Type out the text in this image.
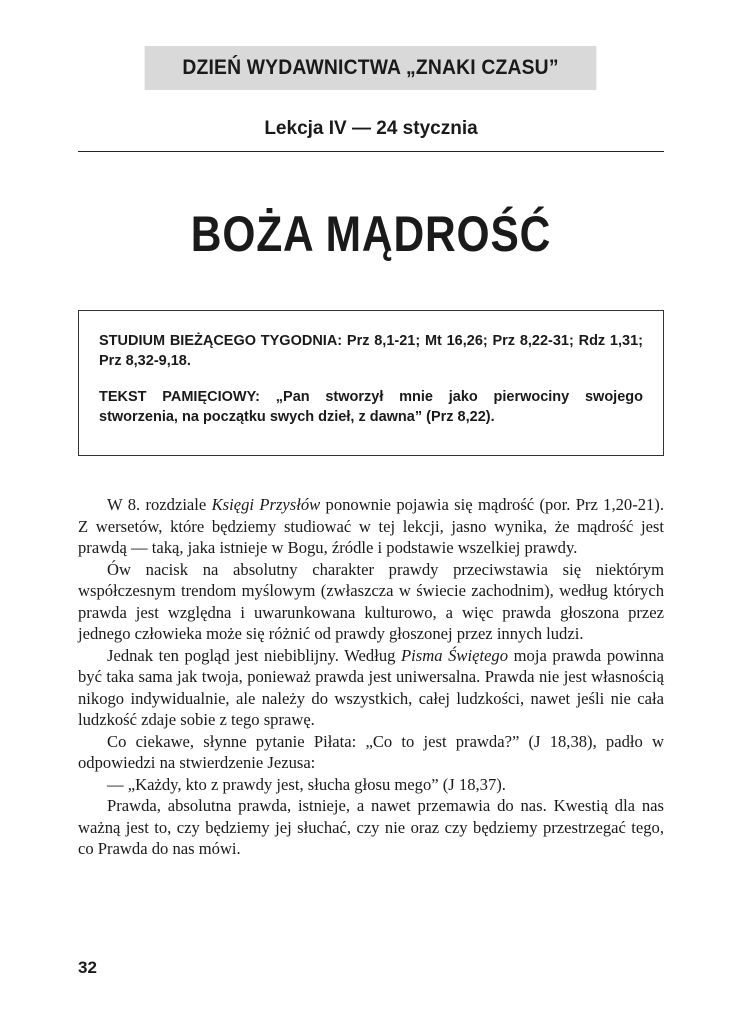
DZIEŃ WYDAWNICTWA „ZNAKI CZASU”
Lekcja IV — 24 stycznia
BOŻA MĄDROŚĆ

STUDIUM BIEŻĄCEGO TYGODNIA: Prz 8,1-21; Mt 16,26; Prz 8,22-31; Rdz 1,31; Prz 8,32-9,18.

TEKST PAMIĘCIOWY: „Pan stworzył mnie jako pierwociny swojego stworzenia, na początku swych dzieł, z dawna” (Prz 8,22).

W 8. rozdziale Księgi Przysłów ponownie pojawia się mądrość (por. Prz 1,20-21). Z wersetów, które będziemy studiować w tej lekcji, jasno wynika, że mądrość jest prawdą — taką, jaka istnieje w Bogu, źródle i podstawie wszelkiej prawdy.

Ów nacisk na absolutny charakter prawdy przeciwstawia się niektórym współczesnym trendom myślowym (zwłaszcza w świecie zachodnim), według których prawda jest względna i uwarunkowana kulturowo, a więc prawda głoszona przez jednego człowieka może się różnić od prawdy głoszonej przez innych ludzi.

Jednak ten pogląd jest niebiblijny. Według Pisma Świętego moja prawda powinna być taka sama jak twoja, ponieważ prawda jest uniwersalna. Prawda nie jest własnością nikogo indywidualnie, ale należy do wszystkich, całej ludzkości, nawet jeśli nie cała ludzkość zdaje sobie z tego sprawę.

Co ciekawe, słynne pytanie Piłata: „Co to jest prawda?” (J 18,38), padło w odpowiedzi na stwierdzenie Jezusa:

— „Każdy, kto z prawdy jest, słucha głosu mego” (J 18,37).

Prawda, absolutna prawda, istnieje, a nawet przemawia do nas. Kwestią dla nas ważną jest to, czy będziemy jej słuchać, czy nie oraz czy będziemy przestrzegać tego, co Prawda do nas mówi.

32
